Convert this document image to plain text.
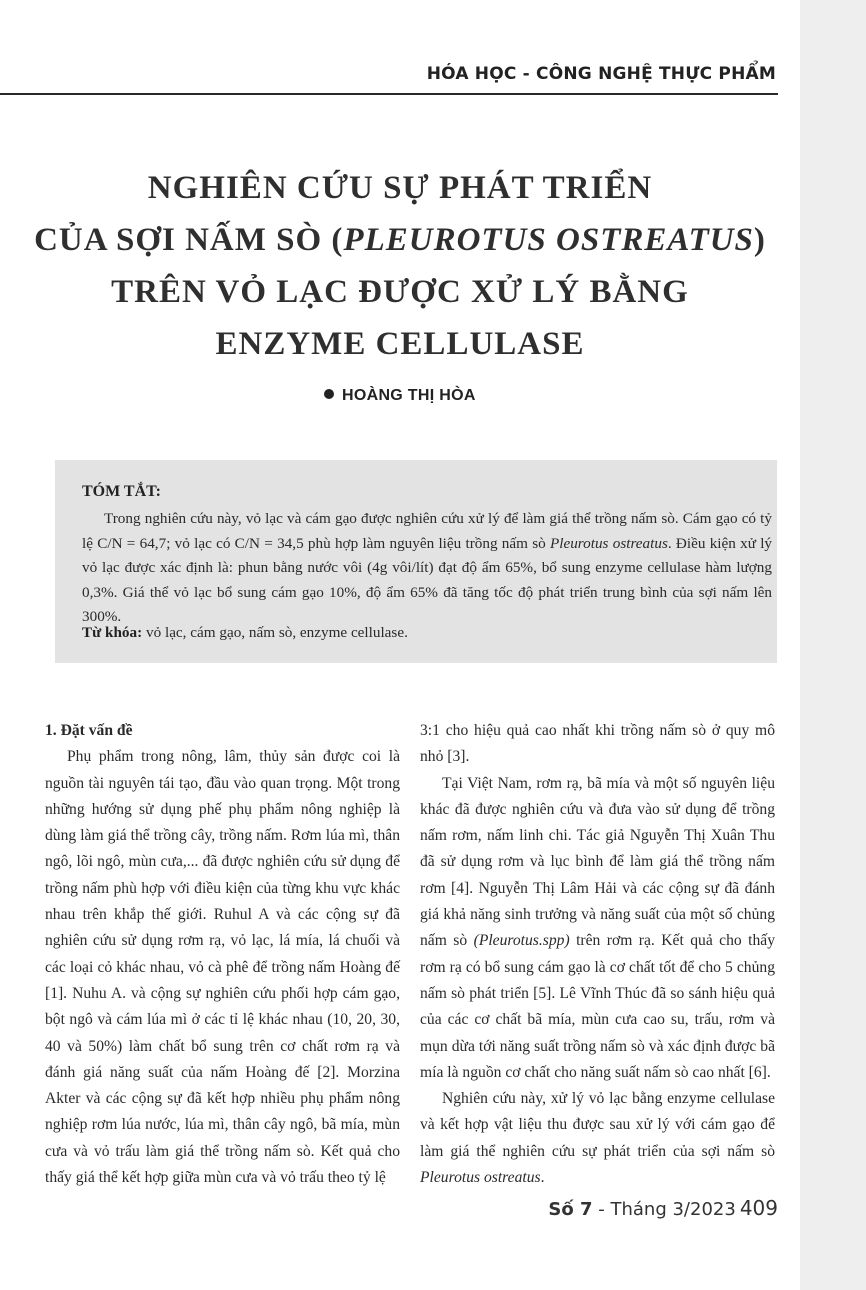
HÓA HỌC - CÔNG NGHỆ THỰC PHẨM
NGHIÊN CỨU SỰ PHÁT TRIỂN
CỦA SỢI NẤM SÒ (PLEUROTUS OSTREATUS)
TRÊN VỎ LẠC ĐƯỢC XỬ LÝ BẰNG
ENZYME CELLULASE
HOÀNG THỊ HÒA
TÓM TẮT:

Trong nghiên cứu này, vỏ lạc và cám gạo được nghiên cứu xử lý để làm giá thể trồng nấm sò. Cám gạo có tỷ lệ C/N = 64,7; vỏ lạc có C/N = 34,5 phù hợp làm nguyên liệu trồng nấm sò Pleurotus ostreatus. Điều kiện xử lý vỏ lạc được xác định là: phun bằng nước vôi (4g vôi/lít) đạt độ ẩm 65%, bổ sung enzyme cellulase hàm lượng 0,3%. Giá thể vỏ lạc bổ sung cám gạo 10%, độ ẩm 65% đã tăng tốc độ phát triển trung bình của sợi nấm lên 300%.

Từ khóa: vỏ lạc, cám gạo, nấm sò, enzyme cellulase.

1. Đặt vấn đề

Phụ phẩm trong nông, lâm, thủy sản được coi là nguồn tài nguyên tái tạo, đầu vào quan trọng. Một trong những hướng sử dụng phế phụ phẩm nông nghiệp là dùng làm giá thể trồng cây, trồng nấm. Rơm lúa mì, thân ngô, lõi ngô, mùn cưa,... đã được nghiên cứu sử dụng để trồng nấm phù hợp với điều kiện của từng khu vực khác nhau trên khắp thế giới. Ruhul A và các cộng sự đã nghiên cứu sử dụng rơm rạ, vỏ lạc, lá mía, lá chuối và các loại cỏ khác nhau, vỏ cà phê để trồng nấm Hoàng đế [1]. Nuhu A. và cộng sự nghiên cứu phối hợp cám gạo, bột ngô và cám lúa mì ở các tỉ lệ khác nhau (10, 20, 30, 40 và 50%) làm chất bổ sung trên cơ chất rơm rạ và đánh giá năng suất của nấm Hoàng đế [2]. Morzina Akter và các cộng sự đã kết hợp nhiều phụ phẩm nông nghiệp rơm lúa nước, lúa mì, thân cây ngô, bã mía, mùn cưa và vỏ trấu làm giá thể trồng nấm sò. Kết quả cho thấy giá thể kết hợp giữa mùn cưa và vỏ trấu theo tỷ lệ

3:1 cho hiệu quả cao nhất khi trồng nấm sò ở quy mô nhỏ [3].

Tại Việt Nam, rơm rạ, bã mía và một số nguyên liệu khác đã được nghiên cứu và đưa vào sử dụng để trồng nấm rơm, nấm linh chi. Tác giả Nguyễn Thị Xuân Thu đã sử dụng rơm và lục bình để làm giá thể trồng nấm rơm [4]. Nguyễn Thị Lâm Hải và các cộng sự đã đánh giá khả năng sinh trưởng và năng suất của một số chủng nấm sò (Pleurotus.spp) trên rơm rạ. Kết quả cho thấy rơm rạ có bổ sung cám gạo là cơ chất tốt để cho 5 chủng nấm sò phát triển [5]. Lê Vĩnh Thúc đã so sánh hiệu quả của các cơ chất bã mía, mùn cưa cao su, trấu, rơm và mụn dừa tới năng suất trồng nấm sò và xác định được bã mía là nguồn cơ chất cho năng suất nấm sò cao nhất [6].

Nghiên cứu này, xử lý vỏ lạc bằng enzyme cellulase và kết hợp vật liệu thu được sau xử lý với cám gạo để làm giá thể nghiên cứu sự phát triển của sợi nấm sò Pleurotus ostreatus.

Số 7 - Tháng 3/2023 409
